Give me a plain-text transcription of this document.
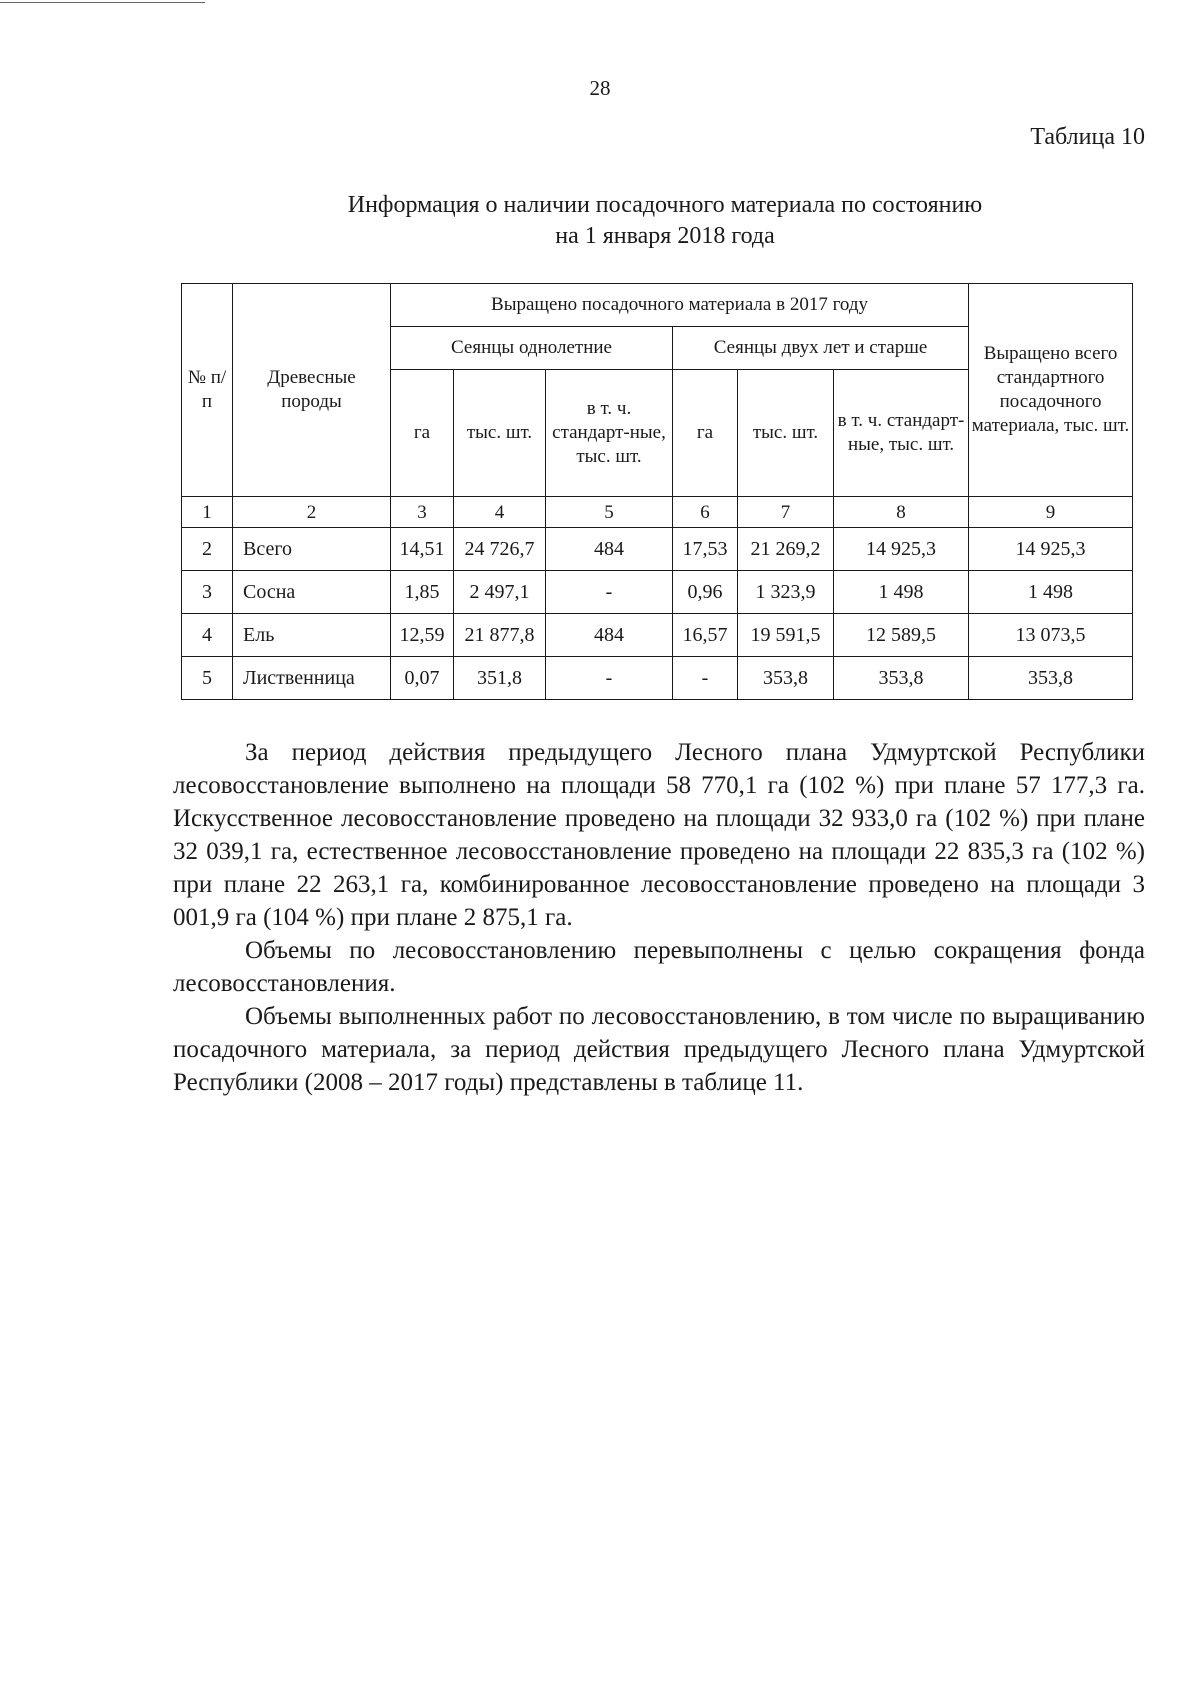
28
Таблица 10
Информация о наличии посадочного материала по состоянию
на 1 января 2018 года
№ п/п	Древесные породы	Выращено посадочного материала в 2017 году						Выращено всего стандартного посадочного материала, тыс. шт.
		Сеянцы однолетние			Сеянцы двух лет и старше			
		га	тыс. шт.	в т. ч. стандарт-ные, тыс. шт.	га	тыс. шт.	в т. ч. стандарт-ные, тыс. шт.	
1	2	3	4	5	6	7	8	9
2	Всего	14,51	24 726,7	484	17,53	21 269,2	14 925,3	14 925,3
3	Сосна	1,85	2 497,1	-	0,96	1 323,9	1 498	1 498
4	Ель	12,59	21 877,8	484	16,57	19 591,5	12 589,5	13 073,5
5	Лиственница	0,07	351,8	-	-	353,8	353,8	353,8

За период действия предыдущего Лесного плана Удмуртской Республики лесовосстановление выполнено на площади 58 770,1 га (102 %) при плане 57 177,3 га. Искусственное лесовосстановление проведено на площади 32 933,0 га (102 %) при плане 32 039,1 га, естественное лесовосстановление проведено на площади 22 835,3 га (102 %) при плане 22 263,1 га, комбинированное лесовосстановление проведено на площади 3 001,9 га (104 %) при плане 2 875,1 га.

Объемы по лесовосстановлению перевыполнены с целью сокращения фонда лесовосстановления.

Объемы выполненных работ по лесовосстановлению, в том числе по выращиванию посадочного материала, за период действия предыдущего Лесного плана Удмуртской Республики (2008 – 2017 годы) представлены в таблице 11.
